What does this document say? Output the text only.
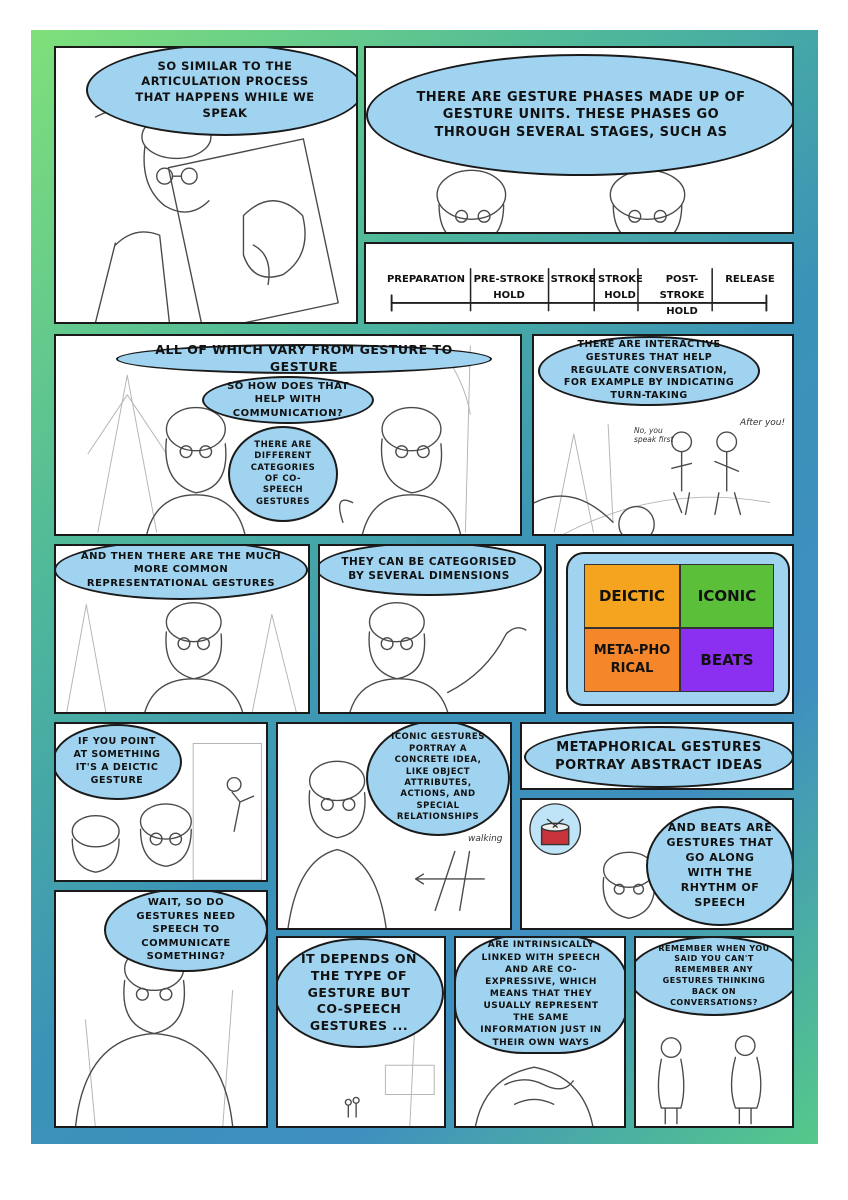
SO SIMILAR TO THE ARTICULATION PROCESS THAT HAPPENS WHILE WE SPEAK
THERE ARE GESTURE PHASES MADE UP OF GESTURE UNITS. THESE PHASES GO THROUGH SEVERAL STAGES, SUCH AS
PREPARATION PRE-STROKE HOLD
STROKE STROKE HOLD
POST-STROKE HOLD
RELEASE
ALL OF WHICH VARY FROM GESTURE TO GESTURE
SO HOW DOES THAT HELP WITH COMMUNICATION?
THERE ARE DIFFERENT CATEGORIES OF CO-SPEECH GESTURES
THERE ARE INTERACTIVE GESTURES THAT HELP REGULATE CONVERSATION, FOR EXAMPLE BY INDICATING TURN-TAKING
No, you speak first
After you!
AND THEN THERE ARE THE MUCH MORE COMMON REPRESENTATIONAL GESTURES
THEY CAN BE CATEGORISED BY SEVERAL DIMENSIONS
DEICTIC	ICONIC
META-PHORICAL	BEATS
IF YOU POINT AT SOMETHING IT'S A DEICTIC GESTURE
ICONIC GESTURES PORTRAY A CONCRETE IDEA, LIKE OBJECT ATTRIBUTES, ACTIONS, AND SPECIAL RELATIONSHIPS
walking
METAPHORICAL GESTURES PORTRAY ABSTRACT IDEAS
AND BEATS ARE GESTURES THAT GO ALONG WITH THE RHYTHM OF SPEECH
WAIT, SO DO GESTURES NEED SPEECH TO COMMUNICATE SOMETHING?	IT DEPENDS ON THE TYPE OF GESTURE BUT CO-SPEECH GESTURES ...
ARE INTRINSICALLY LINKED WITH SPEECH AND ARE CO-EXPRESSIVE, WHICH MEANS THAT THEY USUALLY REPRESENT THE SAME INFORMATION JUST IN THEIR OWN WAYS
REMEMBER WHEN YOU SAID YOU CAN'T REMEMBER ANY GESTURES THINKING BACK ON CONVERSATIONS?
